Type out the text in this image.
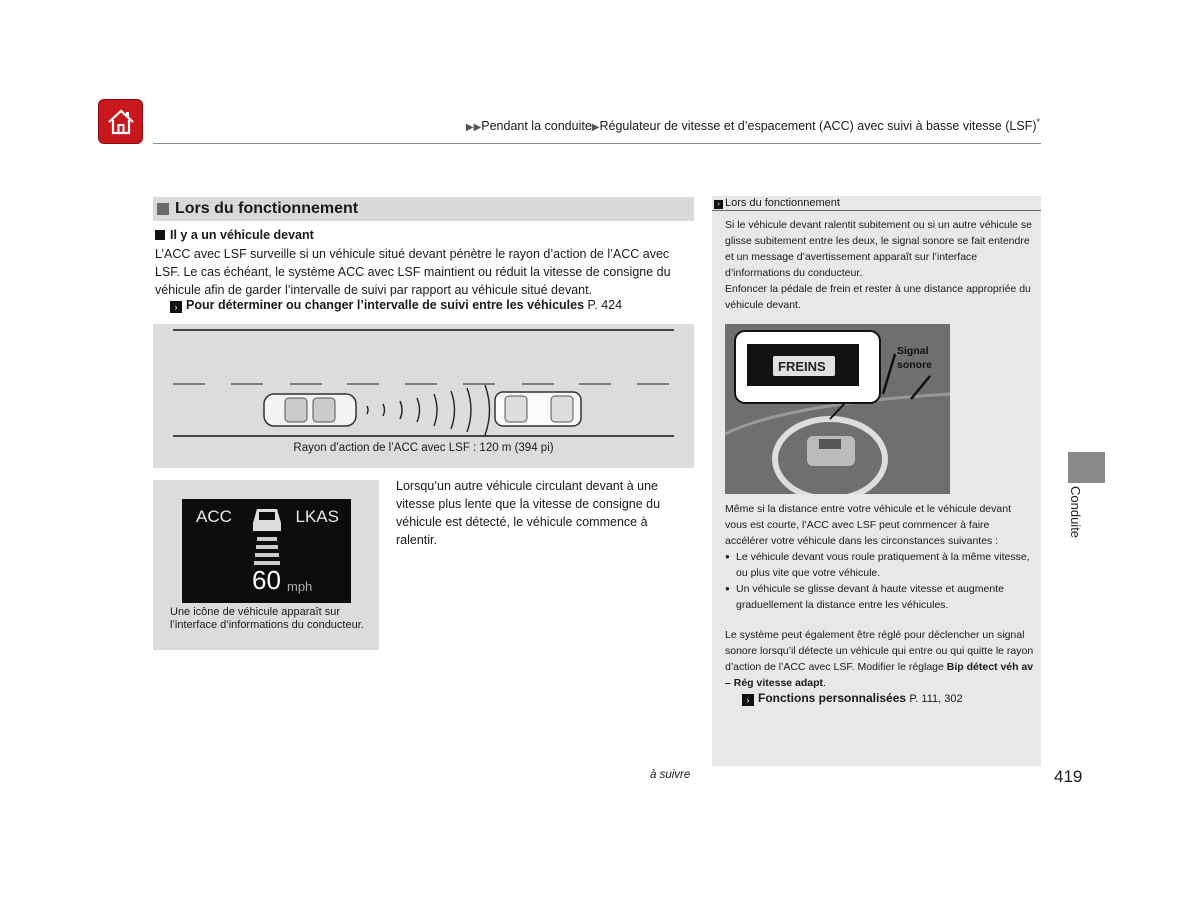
▶▶Pendant la conduite▶Régulateur de vitesse et d’espacement (ACC) avec suivi à basse vitesse (LSF)*
Lors du fonctionnement
Il y a un véhicule devant
L’ACC avec LSF surveille si un véhicule situé devant pénètre le rayon d’action de l’ACC avec LSF. Le cas échéant, le système ACC avec LSF maintient ou réduit la vitesse de consigne du véhicule afin de garder l’intervalle de suivi par rapport au véhicule situé devant.
› Pour déterminer ou changer l’intervalle de suivi entre les véhicules P. 424
Rayon d’action de l’ACC avec LSF : 120 m (394 pi)
ACC	LKAS
60 mph
Une icône de véhicule apparaît sur l’interface d’informations du conducteur.
Lorsqu’un autre véhicule circulant devant à une vitesse plus lente que la vitesse de consigne du véhicule est détecté, le véhicule commence à ralentir.
› Lors du fonctionnement
Si le véhicule devant ralentit subitement ou si un autre véhicule se glisse subitement entre les deux, le signal sonore se fait entendre et un message d’avertissement apparaît sur l’interface d’informations du conducteur.
Enfoncer la pédale de frein et rester à une distance appropriée du véhicule devant.
FREINS
Signal
sonore
Même si la distance entre votre véhicule et le véhicule devant vous est courte, l’ACC avec LSF peut commencer à faire accélérer votre véhicule dans les circonstances suivantes :
● Le véhicule devant vous roule pratiquement à la même vitesse, ou plus vite que votre véhicule.
● Un véhicule se glisse devant à haute vitesse et augmente graduellement la distance entre les véhicules.
Le système peut également être réglé pour déclencher un signal sonore lorsqu’il détecte un véhicule qui entre ou qui quitte le rayon d’action de l’ACC avec LSF. Modifier le réglage Bip détect véh av – Rég vitesse adapt.
› Fonctions personnalisées P. 111, 302
Conduite
à suivre	419
